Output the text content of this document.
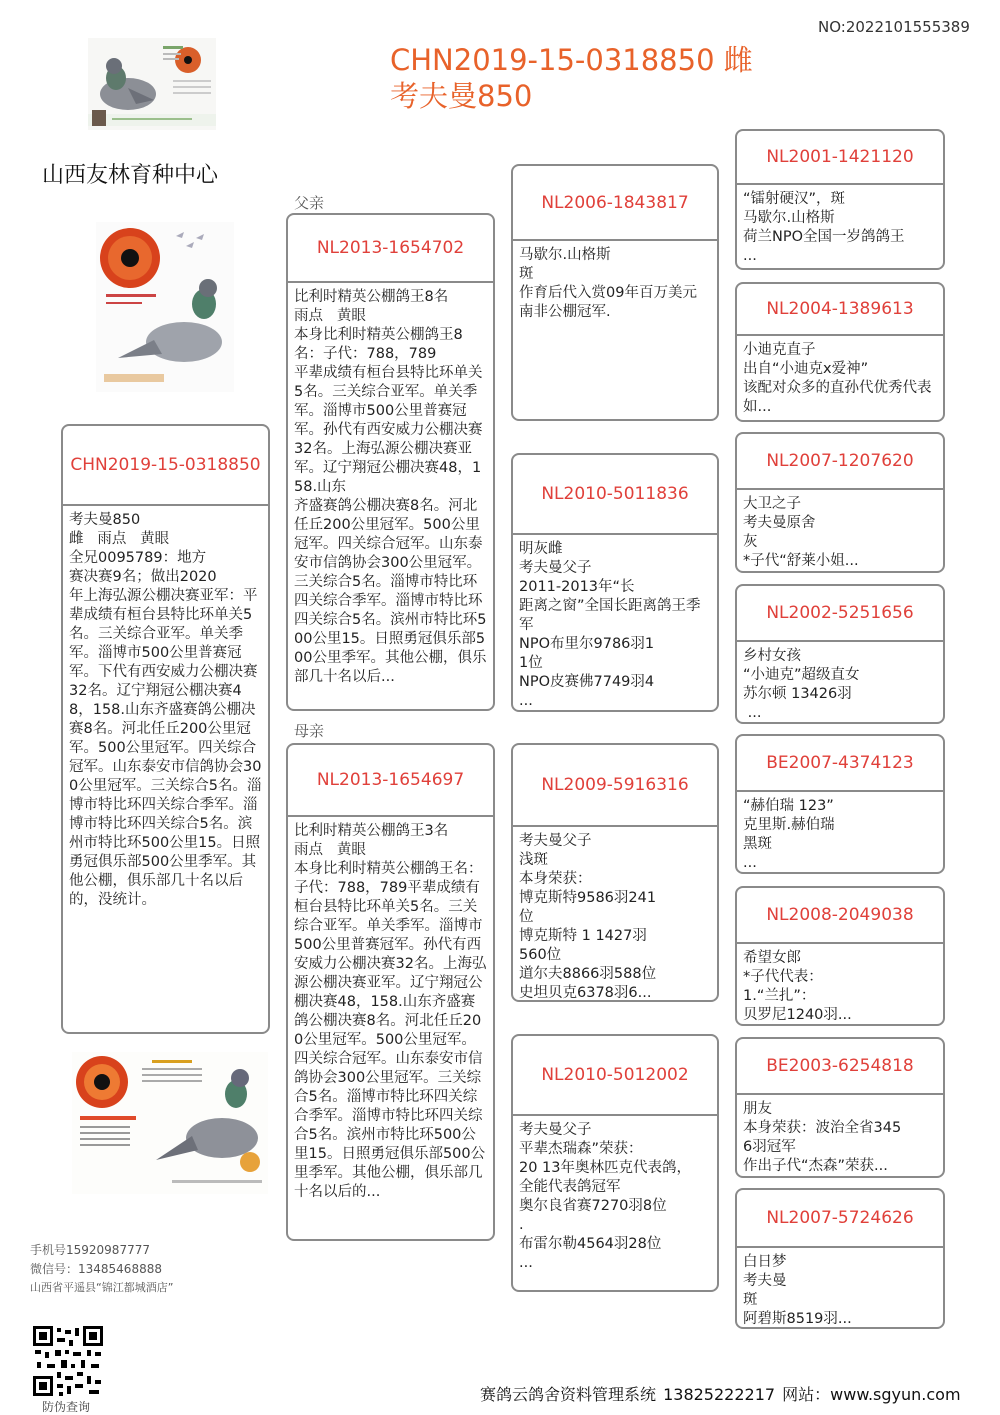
NO:2022101555389
CHN2019-15-0318850 雌
考夫曼850
山西友林育种中心
CHN2019-15-0318850
考夫曼850
雌   雨点   黄眼
全兄0095789：地方
赛决赛9名；做出2020
年上海弘源公棚决赛亚军：平辈成绩有桓台县特比环单关5名。三关综合亚军。单关季军。淄博市500公里普赛冠军。下代有西安威力公棚决赛32名。辽宁翔冠公棚决赛48，158.山东齐盛赛鸽公棚决赛8名。河北任丘200公里冠军。500公里冠军。四关综合冠军。山东泰安市信鸽协会300公里冠军。三关综合5名。淄博市特比环四关综合季军。淄博市特比环四关综合5名。滨州市特比环500公里15。日照勇冠俱乐部500公里季军。其他公棚，俱乐部几十名以后的，没统计。
父亲
母亲
NL2013-1654702
比利时精英公棚鸽王8名
雨点   黄眼
本身比利时精英公棚鸽王8名：子代：788，789
平辈成绩有桓台县特比环单关5名。三关综合亚军。单关季军。淄博市500公里普赛冠军。孙代有西安威力公棚决赛32名。上海弘源公棚决赛亚军。辽宁翔冠公棚决赛48，158.山东
齐盛赛鸽公棚决赛8名。河北任丘200公里冠军。500公里冠军。四关综合冠军。山东泰安市信鸽协会300公里冠军。三关综合5名。淄博市特比环四关综合季军。淄博市特比环四关综合5名。滨州市特比环500公里15。日照勇冠俱乐部500公里季军。其他公棚，俱乐部几十名以后...
NL2013-1654697
比利时精英公棚鸽王3名
雨点   黄眼
本身比利时精英公棚鸽王名：子代：788，789平辈成绩有桓台县特比环单关5名。三关综合亚军。单关季军。淄博市500公里普赛冠军。孙代有西安威力公棚决赛32名。上海弘源公棚决赛亚军。辽宁翔冠公棚决赛48，158.山东齐盛赛鸽公棚决赛8名。河北任丘200公里冠军。500公里冠军。四关综合冠军。山东泰安市信鸽协会300公里冠军。三关综合5名。淄博市特比环四关综合季军。淄博市特比环四关综合5名。滨州市特比环500公里15。日照勇冠俱乐部500公里季军。其他公棚，俱乐部几十名以后的...
NL2006-1843817
马歇尔.山格斯
斑
作育后代入赏09年百万美元南非公棚冠军.
NL2010-5011836
明灰雌
考夫曼父子
2011-2013年“长
距离之窗”全国长距离鸽王季军
NPO布里尔9786羽1
1位
NPO皮赛佛7749羽4
...
NL2009-5916316
考夫曼父子
浅斑
本身荣获：
博克斯特9586羽241
位
博克斯特 1 1427羽
560位
道尔夫8866羽588位
史坦贝克6378羽6...
NL2010-5012002
考夫曼父子
平辈杰瑞森”荣获：
20 13年奥林匹克代表鸽，
全能代表鸽冠军
奥尔良省赛7270羽8位
.
布雷尔勒4564羽28位
...
NL2001-1421120
“镭射硬汉”，斑
马歇尔.山格斯
荷兰NPO全国一岁鸽鸽王
...
NL2004-1389613
小迪克直子
出自“小迪克x爱神”
该配对众多的直孙代优秀代表如...
NL2007-1207620
大卫之子
考夫曼原舍
灰
*子代“舒莱小姐...
NL2002-5251656
乡村女孩
“小迪克”超级直女
苏尔顿 13426羽
...
BE2007-4374123
“赫伯瑞 123”
克里斯.赫伯瑞
黑斑
...
NL2008-2049038
希望女郎
*子代代表：
1.“兰扎”：
贝罗尼1240羽...
BE2003-6254818
朋友
本身荣获：波治全省345
6羽冠军
作出子代“杰森”荣获...
NL2007-5724626
白日梦
考夫曼
斑
阿碧斯8519羽...
手机号15920987777
微信号：13485468888
山西省平遥县“锦江都城酒店”
防伪查询
赛鸽云鸽舍资料管理系统 13825222217 网站：www.sgyun.com
